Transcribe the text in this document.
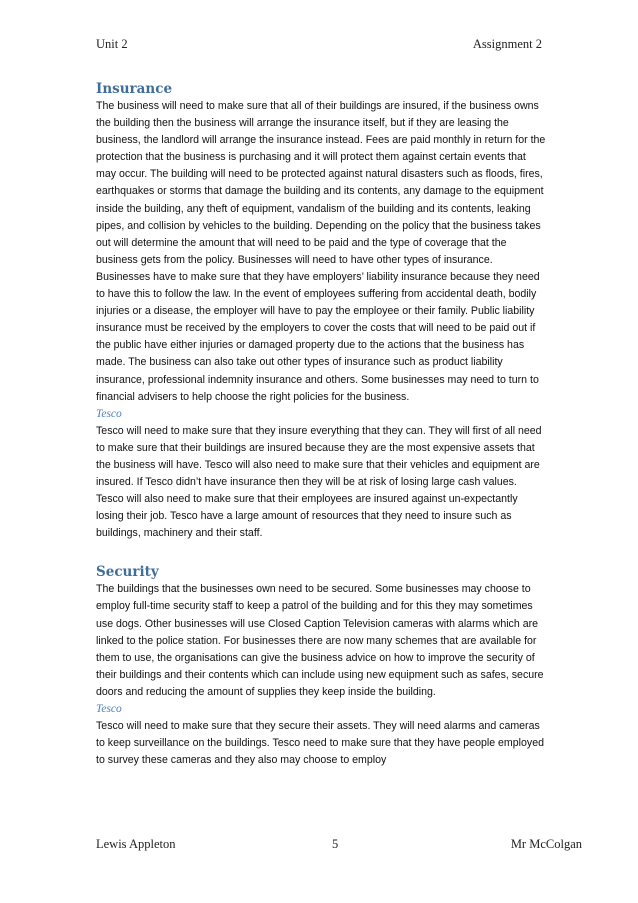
Unit 2	Assignment 2
Insurance

The business will need to make sure that all of their buildings are insured, if the business owns the building then the business will arrange the insurance itself, but if they are leasing the business, the landlord will arrange the insurance instead. Fees are paid monthly in return for the protection that the business is purchasing and it will protect them against certain events that may occur. The building will need to be protected against natural disasters such as floods, fires, earthquakes or storms that damage the building and its contents, any damage to the equipment inside the building, any theft of equipment, vandalism of the building and its contents, leaking pipes, and collision by vehicles to the building. Depending on the policy that the business takes out will determine the amount that will need to be paid and the type of coverage that the business gets from the policy. Businesses will need to have other types of insurance. Businesses have to make sure that they have employers’ liability insurance because they need to have this to follow the law. In the event of employees suffering from accidental death, bodily injuries or a disease, the employer will have to pay the employee or their family. Public liability insurance must be received by the employers to cover the costs that will need to be paid out if the public have either injuries or damaged property due to the actions that the business has made. The business can also take out other types of insurance such as product liability insurance, professional indemnity insurance and others. Some businesses may need to turn to financial advisers to help choose the right policies for the business.

Tesco

Tesco will need to make sure that they insure everything that they can. They will first of all need to make sure that their buildings are insured because they are the most expensive assets that the business will have. Tesco will also need to make sure that their vehicles and equipment are insured. If Tesco didn’t have insurance then they will be at risk of losing large cash values. Tesco will also need to make sure that their employees are insured against un-expectantly losing their job. Tesco have a large amount of resources that they need to insure such as buildings, machinery and their staff.

Security

The buildings that the businesses own need to be secured. Some businesses may choose to employ full-time security staff to keep a patrol of the building and for this they may sometimes use dogs. Other businesses will use Closed Caption Television cameras with alarms which are linked to the police station. For businesses there are now many schemes that are available for them to use, the organisations can give the business advice on how to improve the security of their buildings and their contents which can include using new equipment such as safes, secure doors and reducing the amount of supplies they keep inside the building.

Tesco

Tesco will need to make sure that they secure their assets. They will need alarms and cameras to keep surveillance on the buildings. Tesco need to make sure that they have people employed to survey these cameras and they also may choose to employ

Lewis Appleton	5	Mr McColgan
